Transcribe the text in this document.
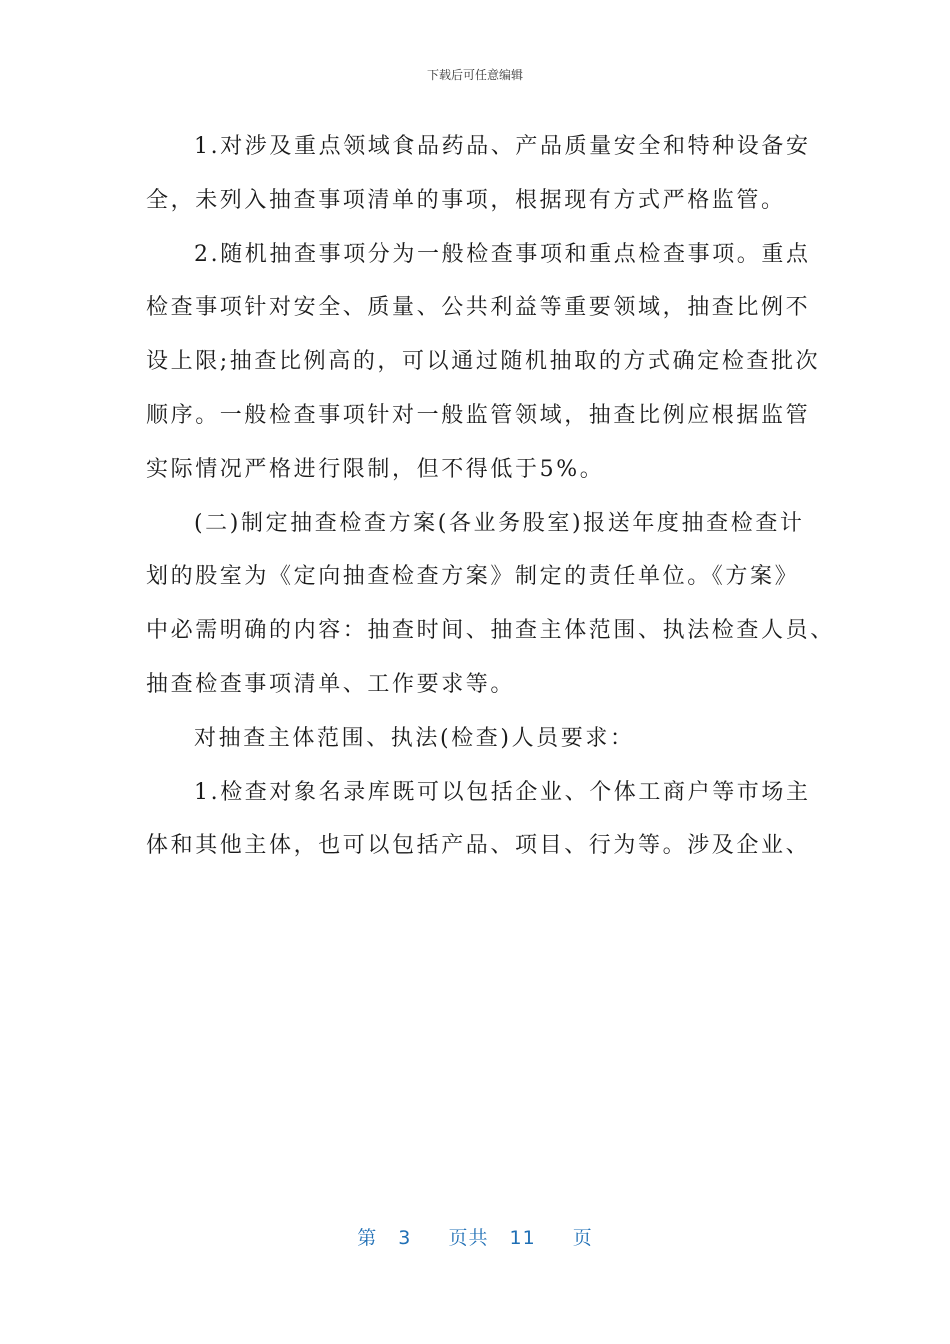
下载后可任意编辑

1.对涉及重点领域食品药品、产品质量安全和特种设备安
全，未列入抽查事项清单的事项，根据现有方式严格监管。

2.随机抽查事项分为一般检查事项和重点检查事项。重点
检查事项针对安全、质量、公共利益等重要领域，抽查比例不
设上限;抽查比例高的，可以通过随机抽取的方式确定检查批次
顺序。一般检查事项针对一般监管领域，抽查比例应根据监管
实际情况严格进行限制，但不得低于5%。

(二)制定抽查检查方案(各业务股室)报送年度抽查检查计
划的股室为《定向抽查检查方案》制定的责任单位。《方案》
中必需明确的内容：抽查时间、抽查主体范围、执法检查人员、
抽查检查事项清单、工作要求等。

对抽查主体范围、执法(检查)人员要求：

1.检查对象名录库既可以包括企业、个体工商户等市场主
体和其他主体，也可以包括产品、项目、行为等。涉及企业、

第 3 页共 11 页
